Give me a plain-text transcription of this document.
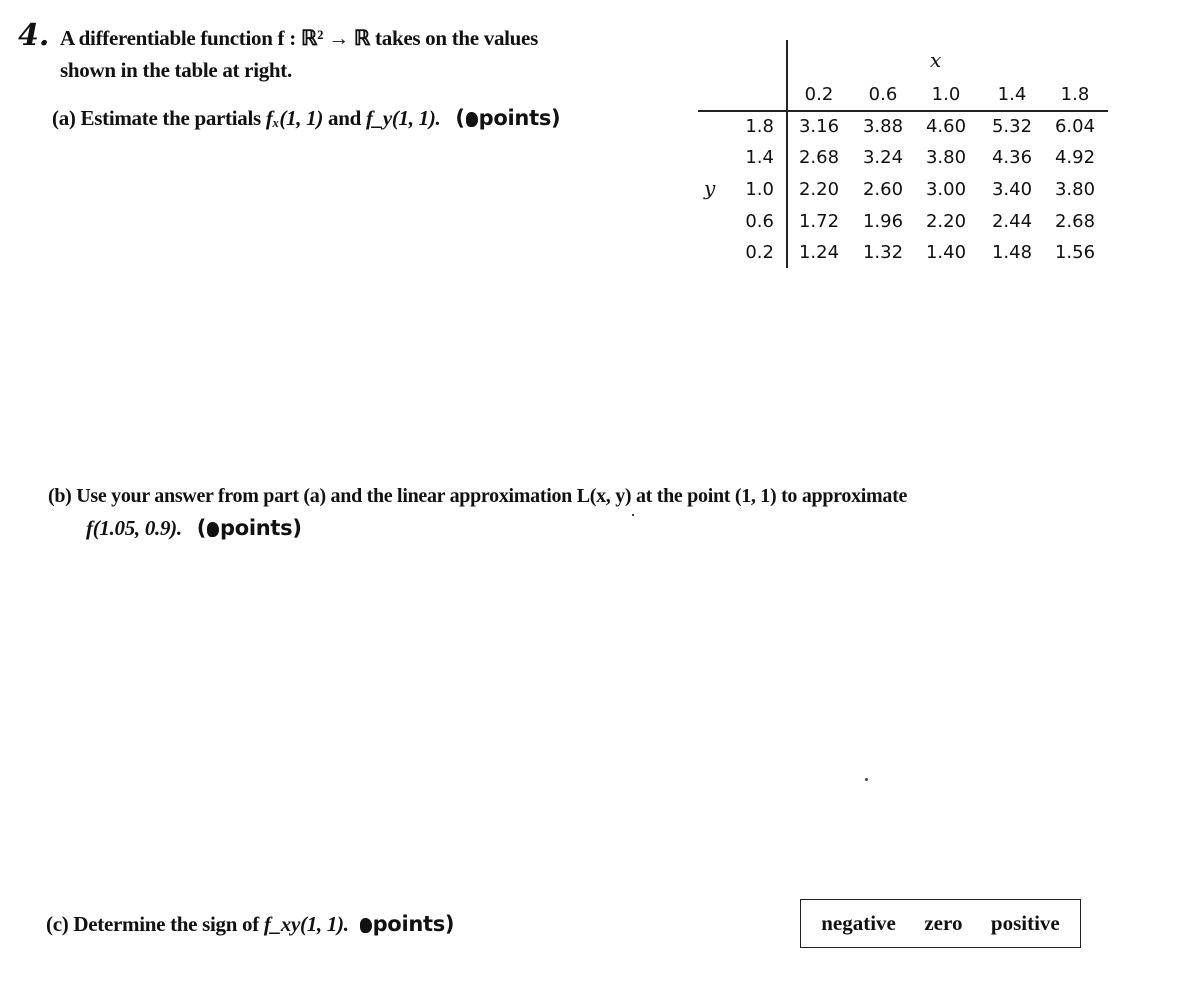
4. A differentiable function f : ℝ² → ℝ takes on the values
shown in the table at right.
(a) Estimate the partials fₓ(1, 1) and f_y(1, 1). ( points)
x
y
0.2	0.6	1.0	1.4	1.8
1.8	3.16	3.88	4.60	5.32	6.04
1.4	2.68	3.24	3.80	4.36	4.92
1.0	2.20	2.60	3.00	3.40	3.80
0.6	1.72	1.96	2.20	2.44	2.68
0.2	1.24	1.32	1.40	1.48	1.56
(b) Use your answer from part (a) and the linear approximation L(x, y) at the point (1, 1) to approximate
f(1.05, 0.9). ( points)
(c) Determine the sign of f_xy(1, 1). points)	negative zero positive
